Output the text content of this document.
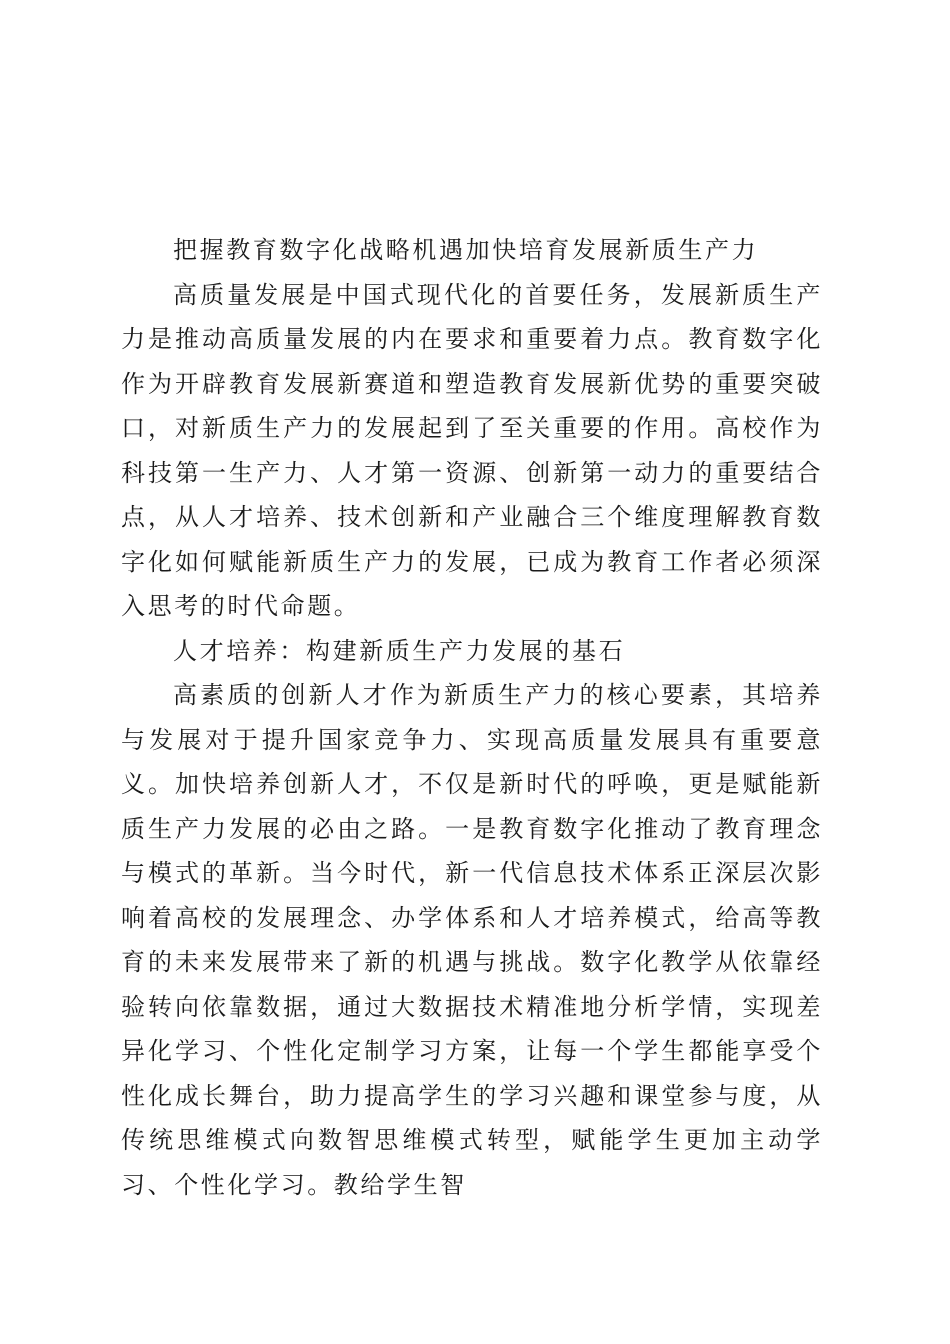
把握教育数字化战略机遇加快培育发展新质生产力

高质量发展是中国式现代化的首要任务，发展新质生产力是推动高质量发展的内在要求和重要着力点。教育数字化作为开辟教育发展新赛道和塑造教育发展新优势的重要突破口，对新质生产力的发展起到了至关重要的作用。高校作为科技第一生产力、人才第一资源、创新第一动力的重要结合点，从人才培养、技术创新和产业融合三个维度理解教育数字化如何赋能新质生产力的发展，已成为教育工作者必须深入思考的时代命题。

人才培养：构建新质生产力发展的基石

高素质的创新人才作为新质生产力的核心要素，其培养与发展对于提升国家竞争力、实现高质量发展具有重要意义。加快培养创新人才，不仅是新时代的呼唤，更是赋能新质生产力发展的必由之路。一是教育数字化推动了教育理念与模式的革新。当今时代，新一代信息技术体系正深层次影响着高校的发展理念、办学体系和人才培养模式，给高等教育的未来发展带来了新的机遇与挑战。数字化教学从依靠经验转向依靠数据，通过大数据技术精准地分析学情，实现差异化学习、个性化定制学习方案，让每一个学生都能享受个性化成长舞台，助力提高学生的学习兴趣和课堂参与度，从传统思维模式向数智思维模式转型，赋能学生更加主动学习、个性化学习。教给学生智
